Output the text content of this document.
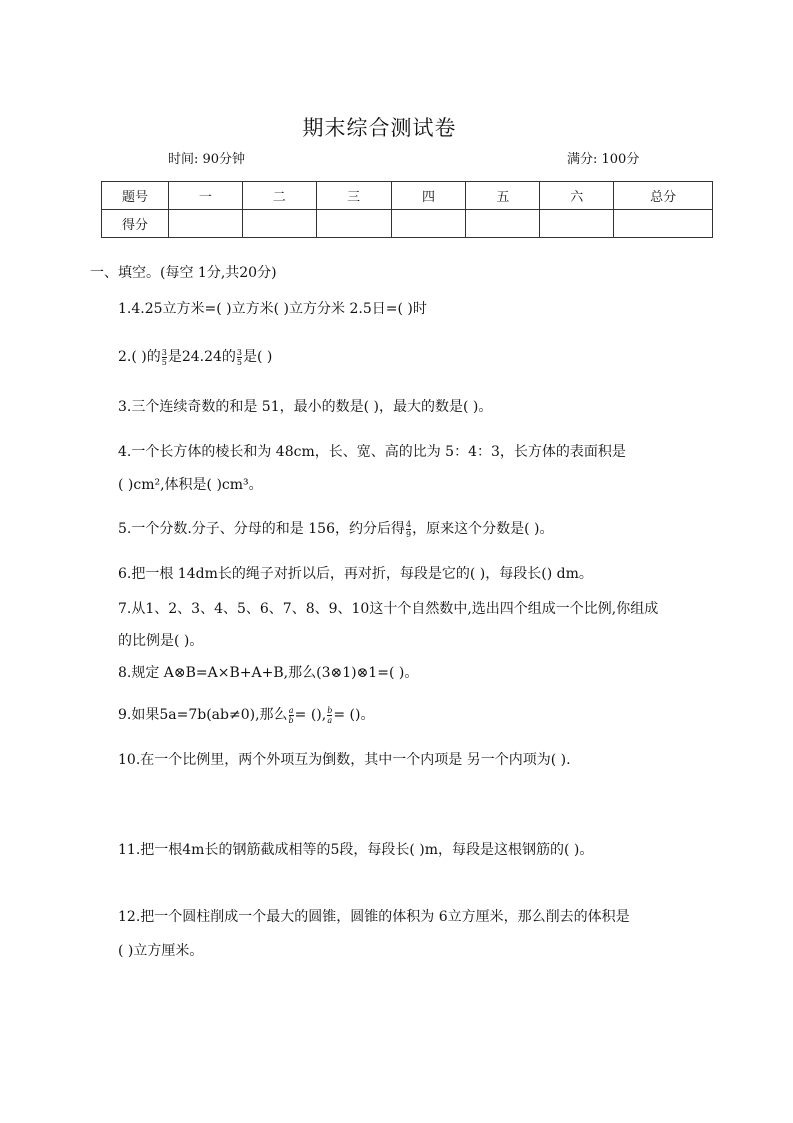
期末综合测试卷
时间: 90分钟	满分: 100分
题号	一	二	三	四	五	六	总分
得分							
一、填空。(每空 1分,共20分)
1.4.25立方米=( )立方米( )立方分米 2.5日=( )时
2.( )的 $\frac{3}{5}$ 是24.24的 $\frac{3}{5}$ 是( )
3.三个连续奇数的和是 51，最小的数是( )，最大的数是( )。
4.一个长方体的棱长和为 48cm，长、宽、高的比为 5：4：3，长方体的表面积是
( )cm²,体积是( )cm³。
5.一个分数.分子、分母的和是 156，约分后得 $\frac{4}{9}$ ，原来这个分数是( )。
6.把一根 14dm长的绳子对折以后，再对折，每段是它的( )，每段长() dm。
7.从1、2、3、4、5、6、7、8、9、10这十个自然数中,选出四个组成一个比例,你组成
的比例是( )。
8.规定 A⊗B=A×B+A+B,那么(3⊗1)⊗1=( )。
9.如果5a=7b(ab≠0),那么 $\frac{a}{b}$ = (), $\frac{b}{a}$ = ()。
10.在一个比例里，两个外项互为倒数，其中一个内项是 另一个内项为( ).
11.把一根4m长的钢筋截成相等的5段，每段长( )m，每段是这根钢筋的( )。
12.把一个圆柱削成一个最大的圆锥，圆锥的体积为 6立方厘米，那么削去的体积是
( )立方厘米。
